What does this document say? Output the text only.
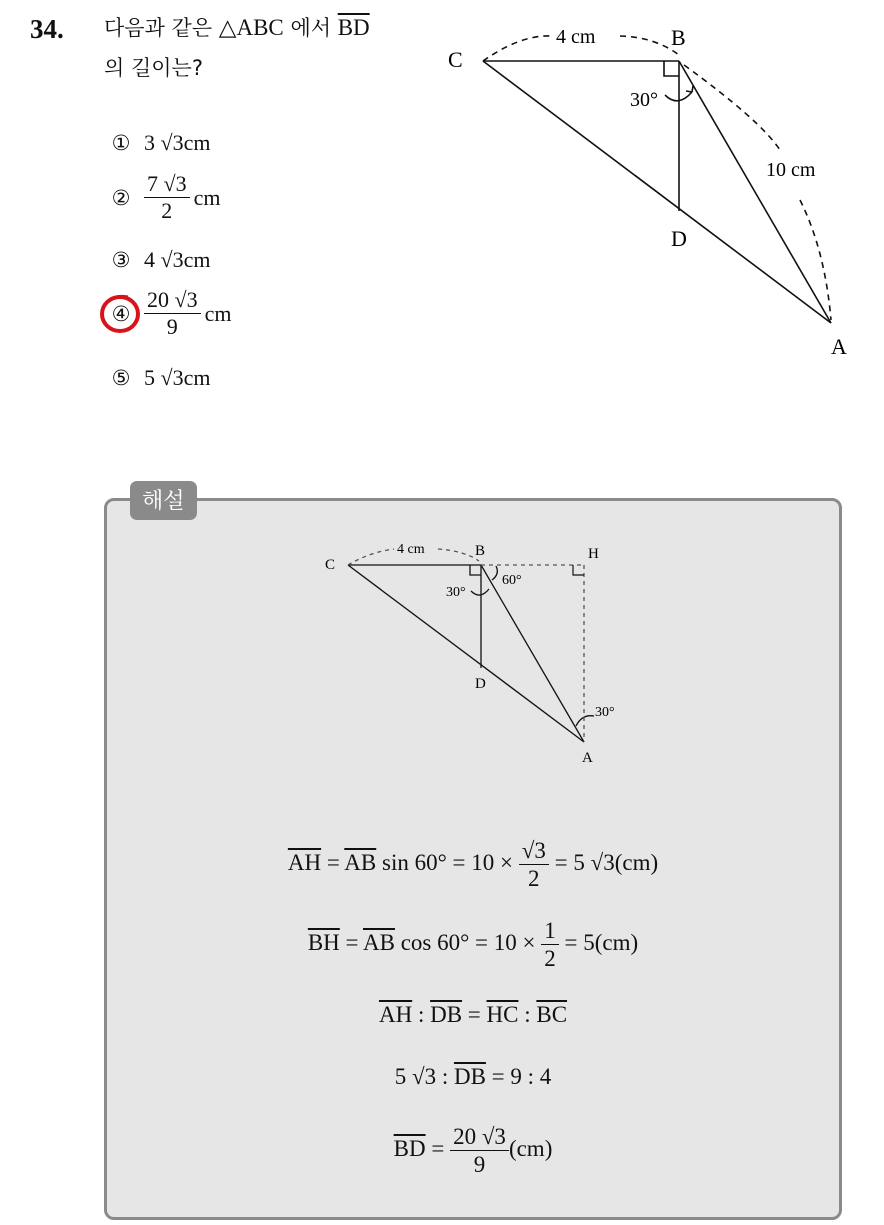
34. 다음과 같은 △ABC 에서 $\overline{BD}$
의 길이는?
① 3 √3cm
② $\frac{7 √3}{2}$ cm
③ 4 √3cm
④ $\frac{20 √3}{9}$ cm
⑤ 5 √3cm
C
B
D
A
4 cm
10 cm
30°
해설
C
B	H
D
A
4 cm
30°
60°
30°
$\overline{AH} = \overline{AB}$ $\sin 60^\circ = 10 \times \frac{√3}{2} = 5$ √3(cm)
$\overline{BH} = \overline{AB}$ $\cos 60^\circ = 10 \times \frac{1}{2} = 5(cm)$
$\overline{AH}$ : $\overline{DB} = \overline{HC}$ : $\overline{BC}$
5 √3 : $\overline{DB} = 9$ : 4
$\overline{BD} = \frac{20 √3}{9} (cm)$
